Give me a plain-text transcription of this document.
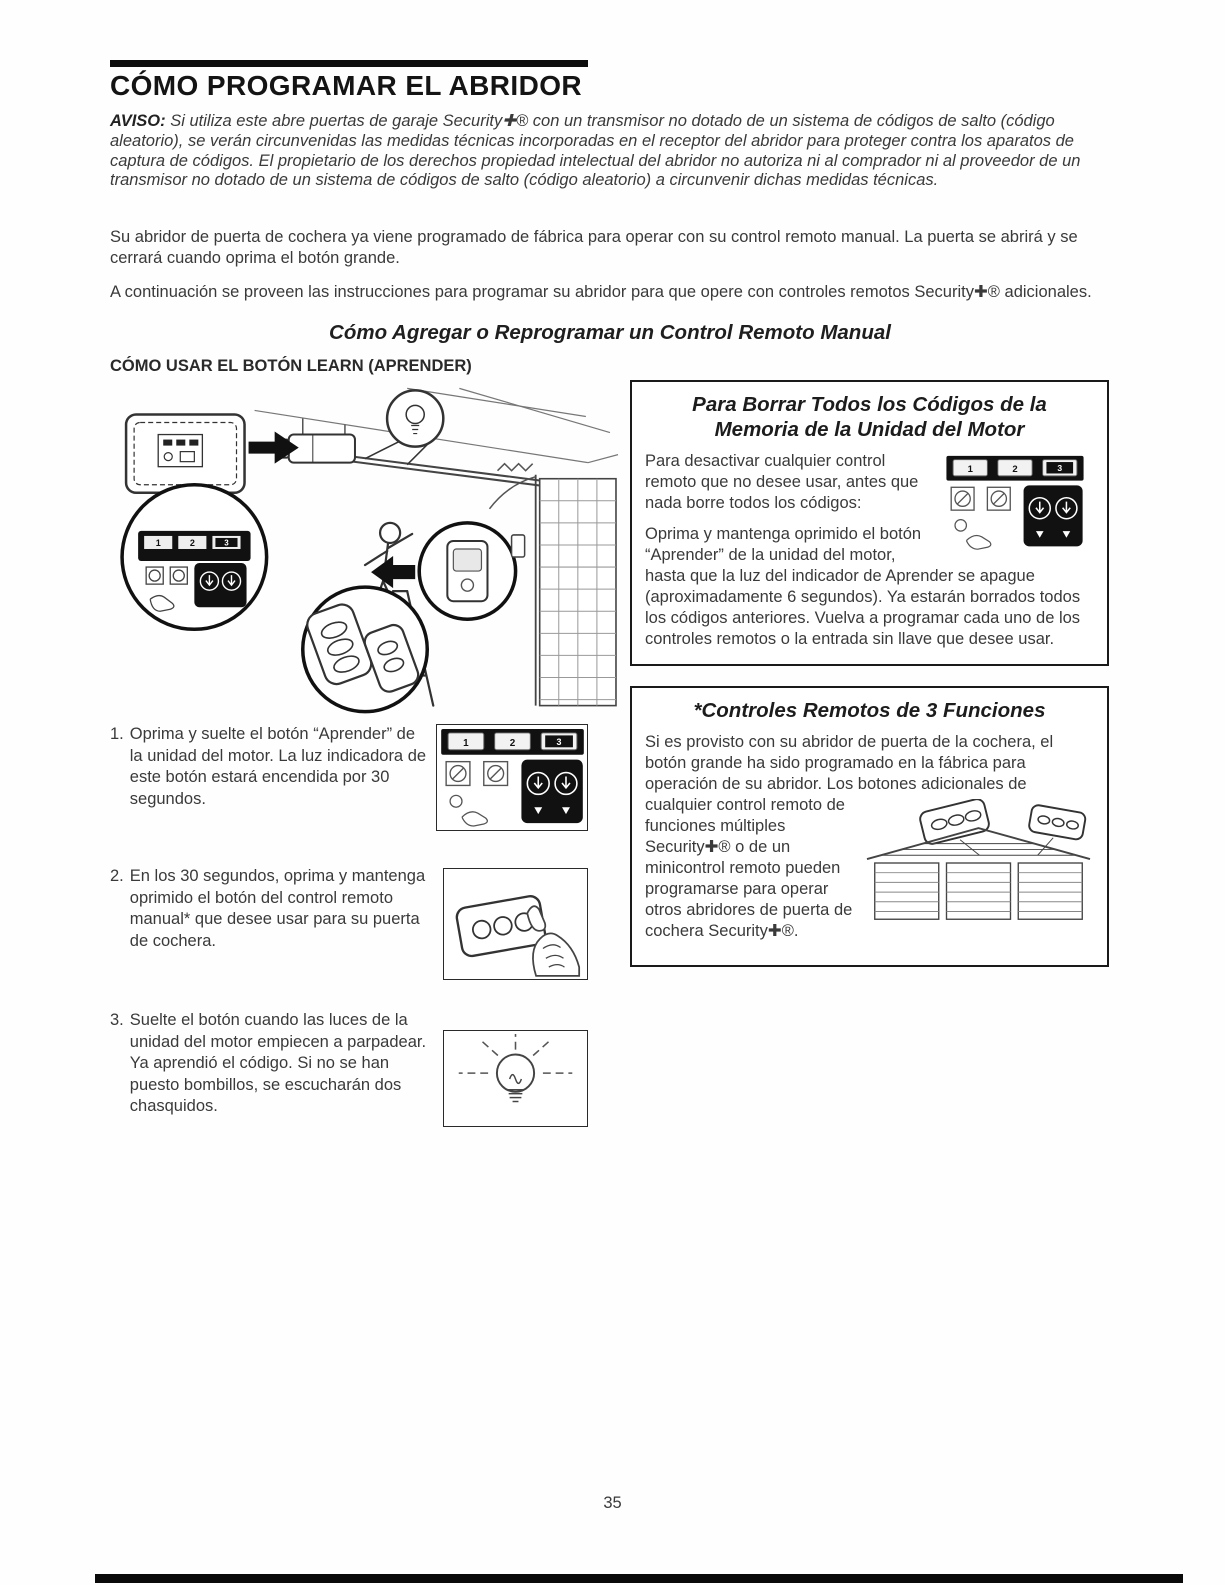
CÓMO PROGRAMAR EL ABRIDOR

AVISO: Si utiliza este abre puertas de garaje Security✚® con un transmisor no dotado de un sistema de códigos de salto (código aleatorio), se verán circunvenidas las medidas técnicas incorporadas en el receptor del abridor para proteger contra los aparatos de captura de códigos. El propietario de los derechos propiedad intelectual del abridor no autoriza ni al comprador ni al proveedor de un transmisor no dotado de un sistema de códigos de salto (código aleatorio) a circunvenir dichas medidas técnicas.

Su abridor de puerta de cochera ya viene programado de fábrica para operar con su control remoto manual. La puerta se abrirá y se cerrará cuando oprima el botón grande.

A continuación se proveen las instrucciones para programar su abridor para que opere con controles remotos Security✚® adicionales.

Cómo Agregar o Reprogramar un Control Remoto Manual
CÓMO USAR EL BOTÓN LEARN (APRENDER)
1	2	3
Para Borrar Todos los Códigos de la Memoria de la Unidad del Motor
1	2	3

Para desactivar cualquier control remoto que no desee usar, antes que nada borre todos los códigos:

Oprima y mantenga oprimido el botón “Aprender” de la unidad del motor, hasta que la luz del indicador de Aprender se apague (aproximadamente 6 segundos). Ya estarán borrados todos los códigos anteriores. Vuelva a programar cada uno de los controles remotos o la entrada sin llave que desee usar.

*Controles Remotos de 3 Funciones

Si es provisto con su abridor de puerta de la cochera, el botón grande ha sido programado en la fábrica para operación de su abridor. Los botones adicionales de

cualquier control remoto de funciones múltiples Security✚® o de un minicontrol remoto pueden programarse para operar otros abridores de puerta de cochera Security✚®.

1. Oprima y suelte el botón “Aprender” de la unidad del motor. La luz indicadora de este botón estará encendida por 30 segundos.

1	2	3
2. En los 30 segundos, oprima y mantenga oprimido el botón del control remoto manual* que desee usar para su puerta de cochera.

3. Suelte el botón cuando las luces de la unidad del motor empiecen a parpadear. Ya aprendió el código. Si no se han puesto bombillos, se escucharán dos chasquidos.

35
